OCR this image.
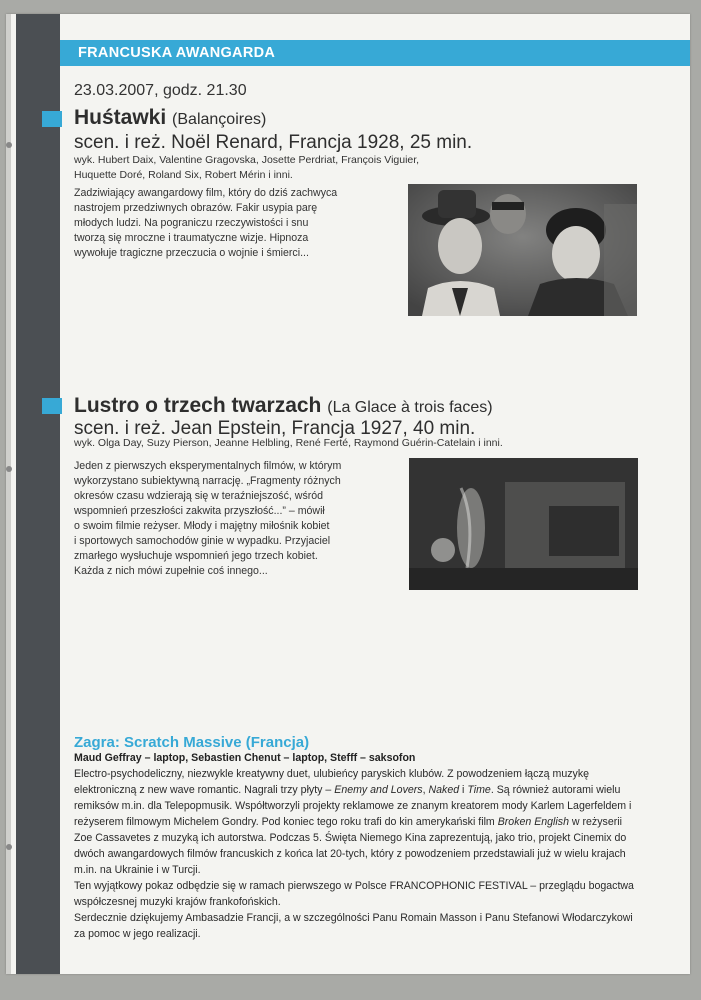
FRANCUSKA AWANGARDA
23.03.2007, godz. 21.30
Huśtawki (Balançoires)
scen. i reż. Noël Renard, Francja 1928, 25 min.
wyk. Hubert Daix, Valentine Gragovska, Josette Perdriat, François Viguier,
Huquette Doré, Roland Six, Robert Mérin i inni.
Zadziwiający awangardowy film, który do dziś zachwyca
nastrojem przedziwnych obrazów. Fakir usypia parę
młodych ludzi. Na pograniczu rzeczywistości i snu
tworzą się mroczne i traumatyczne wizje. Hipnoza
wywołuje tragiczne przeczucia o wojnie i śmierci...
Lustro o trzech twarzach (La Glace à trois faces)
scen. i reż. Jean Epstein, Francja 1927, 40 min.
wyk. Olga Day, Suzy Pierson, Jeanne Helbling, René Ferté, Raymond Guérin-Catelain i inni.
Jeden z pierwszych eksperymentalnych filmów, w którym
wykorzystano subiektywną narrację. „Fragmenty różnych
okresów czasu wdzierają się w teraźniejszość, wśród
wspomnień przeszłości zakwita przyszłość...” – mówił
o swoim filmie reżyser. Młody i majętny miłośnik kobiet
i sportowych samochodów ginie w wypadku. Przyjaciel
zmarłego wysłuchuje wspomnień jego trzech kobiet.
Każda z nich mówi zupełnie coś innego...
Zagra: Scratch Massive (Francja)
Maud Geffray – laptop, Sebastien Chenut – laptop, Stefff – saksofon

Electro-psychodeliczny, niezwykle kreatywny duet, ulubieńcy paryskich klubów. Z powodzeniem łączą muzykę elektroniczną z new wave romantic. Nagrali trzy płyty – Enemy and Lovers, Naked i Time. Są również autorami wielu remiksów m.in. dla Telepopmusik. Współtworzyli projekty reklamowe ze znanym kreatorem mody Karlem Lagerfeldem i reżyserem filmowym Michelem Gondry. Pod koniec tego roku trafi do kin amerykański film Broken English w reżyserii Zoe Cassavetes z muzyką ich autorstwa. Podczas 5. Święta Niemego Kina zaprezentują, jako trio, projekt Cinemix do dwóch awangardowych filmów francuskich z końca lat 20-tych, który z powodzeniem przedstawiali już w wielu krajach m.in. na Ukrainie i w Turcji.

Ten wyjątkowy pokaz odbędzie się w ramach pierwszego w Polsce FRANCOPHONIC FESTIVAL – przeglądu bogactwa współczesnej muzyki krajów frankofońskich.

Serdecznie dziękujemy Ambasadzie Francji, a w szczególności Panu Romain Masson i Panu Stefanowi Włodarczykowi za pomoc w jego realizacji.
